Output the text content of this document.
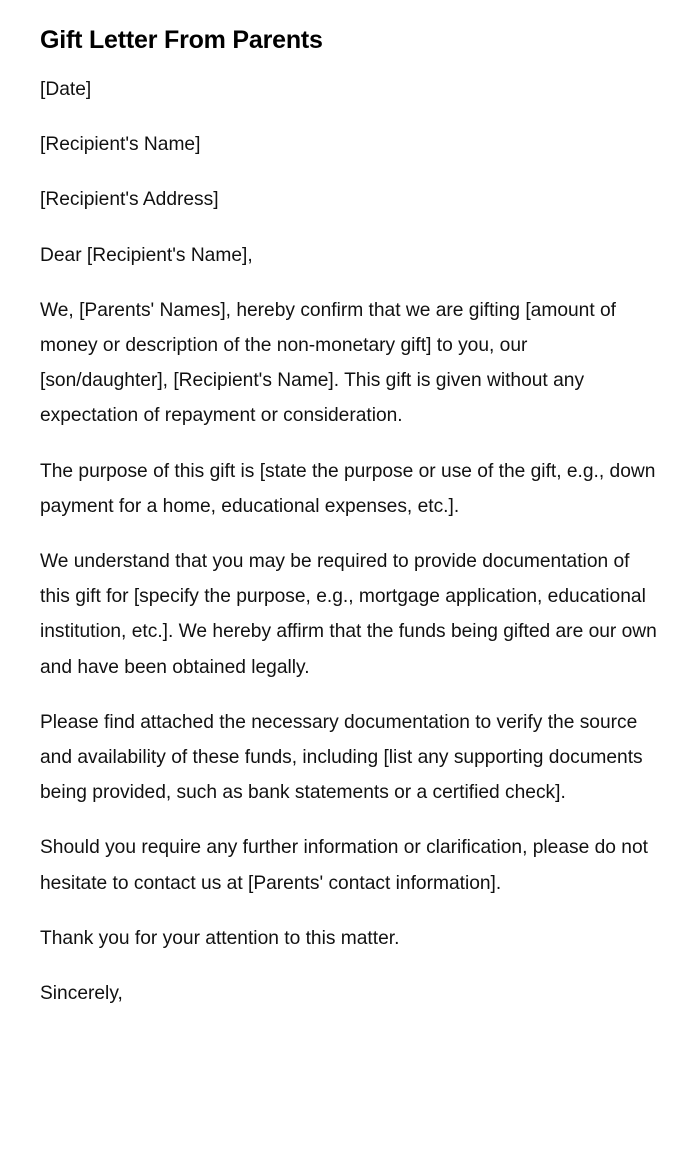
Gift Letter From Parents

[Date]

[Recipient's Name]

[Recipient's Address]

Dear [Recipient's Name],

We, [Parents' Names], hereby confirm that we are gifting [amount of money or description of the non-monetary gift] to you, our [son/daughter], [Recipient's Name]. This gift is given without any expectation of repayment or consideration.

The purpose of this gift is [state the purpose or use of the gift, e.g., down payment for a home, educational expenses, etc.].

We understand that you may be required to provide documentation of this gift for [specify the purpose, e.g., mortgage application, educational institution, etc.]. We hereby affirm that the funds being gifted are our own and have been obtained legally.

Please find attached the necessary documentation to verify the source and availability of these funds, including [list any supporting documents being provided, such as bank statements or a certified check].

Should you require any further information or clarification, please do not hesitate to contact us at [Parents' contact information].

Thank you for your attention to this matter.

Sincerely,
